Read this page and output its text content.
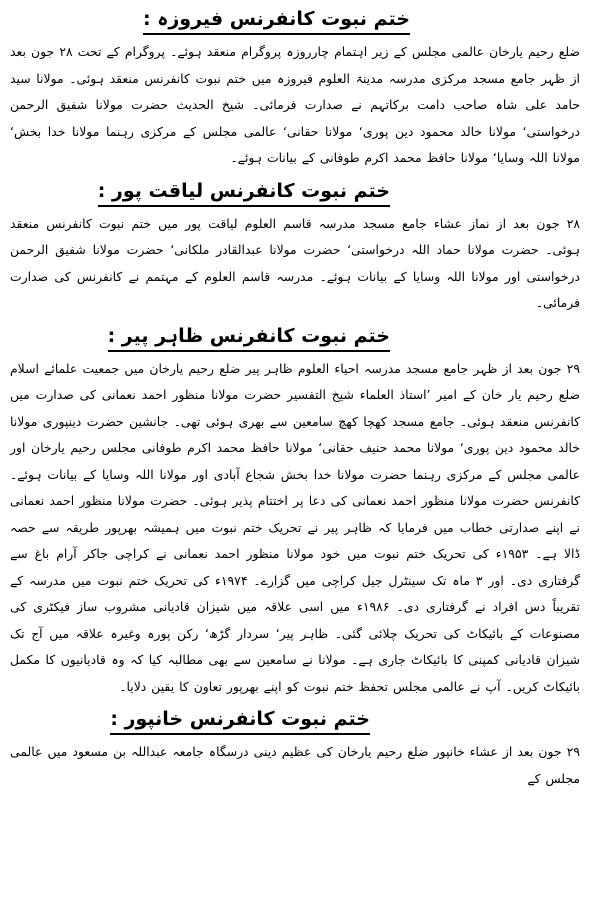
ختم نبوت کانفرنس فیروزہ :

ضلع رحیم یارخان عالمی مجلس کے زیر اہتمام چارروزہ پروگرام منعقد ہوئے۔ پروگرام کے تحت ۲۸ جون بعد از ظہر جامع مسجد مرکزی مدرسہ مدینۃ العلوم فیروزہ میں ختم نبوت کانفرنس منعقد ہوئی۔ مولانا سید حامد علی شاہ صاحب دامت برکاتہم نے صدارت فرمائی۔ شیخ الحدیث حضرت مولانا شفیق الرحمن درخواستی‘ مولانا خالد محمود دین پوری‘ مولانا حقانی‘ عالمی مجلس کے مرکزی رہنما مولانا خدا بخش‘ مولانا اللہ وسایا‘ مولانا حافظ محمد اکرم طوفانی کے بیانات ہوئے۔

ختم نبوت کانفرنس لیاقت پور :

۲۸ جون بعد از نماز عشاء جامع مسجد مدرسہ قاسم العلوم لیاقت پور میں ختم نبوت کانفرنس منعقد ہوئی۔ حضرت مولانا حماد اللہ درخواستی‘ حضرت مولانا عبدالقادر ملکانی‘ حضرت مولانا شفیق الرحمن درخواستی اور مولانا اللہ وسایا کے بیانات ہوئے۔ مدرسہ قاسم العلوم کے مہتمم نے کانفرنس کی صدارت فرمائی۔

ختم نبوت کانفرنس ظاہر پیر :

۲۹ جون بعد از ظہر جامع مسجد مدرسہ احیاء العلوم ظاہر پیر ضلع رحیم یارخان میں جمعیت علمائے اسلام ضلع رحیم یار خان کے امیر ’استاذ العلماء شیخ التفسیر حضرت مولانا منظور احمد نعمانی کی صدارت میں کانفرنس منعقد ہوئی۔ جامع مسجد کھچا کھچ سامعین سے بھری ہوئی تھی۔ جانشین حضرت دینپوری مولانا خالد محمود دین پوری‘ مولانا محمد حنیف حقانی‘ مولانا حافظ محمد اکرم طوفانی مجلس رحیم یارخان اور عالمی مجلس کے مرکزی رہنما حضرت مولانا خدا بخش شجاع آبادی اور مولانا اللہ وسایا کے بیانات ہوئے۔ کانفرنس حضرت مولانا منظور احمد نعمانی کی دعا پر اختتام پذیر ہوئی۔ حضرت مولانا منظور احمد نعمانی نے اپنے صدارتی خطاب میں فرمایا کہ ظاہر پیر نے تحریک ختم نبوت میں ہمیشہ بھرپور طریقہ سے حصہ ڈالا ہے۔ ۱۹۵۳ء کی تحریک ختم نبوت میں خود مولانا منظور احمد نعمانی نے کراچی جاکر آرام باغ سے گرفتاری دی۔ اور ۳ ماہ تک سینٹرل جیل کراچی میں گزارے۔ ۱۹۷۴ء کی تحریک ختم نبوت میں مدرسہ کے تقریباً دس افراد نے گرفتاری دی۔ ۱۹۸۶ء میں اسی علاقہ میں شیزان قادیانی مشروب ساز فیکٹری کی مصنوعات کے بائیکاٹ کی تحریک چلائی گئی۔ ظاہر پیر‘ سردار گڑھ‘ رکن پورہ وغیرہ علاقہ میں آج تک شیزان قادیانی کمپنی کا بائیکاٹ جاری ہے۔ مولانا نے سامعین سے بھی مطالبہ کیا کہ وہ قادیانیوں کا مکمل بائیکاٹ کریں۔ آپ نے عالمی مجلس تحفظ ختم نبوت کو اپنے بھرپور تعاون کا یقین دلایا۔

ختم نبوت کانفرنس خانپور :

۲۹ جون بعد از عشاء خانپور ضلع رحیم یارخان کی عظیم دینی درسگاہ جامعہ عبداللہ بن مسعود میں عالمی مجلس کے
